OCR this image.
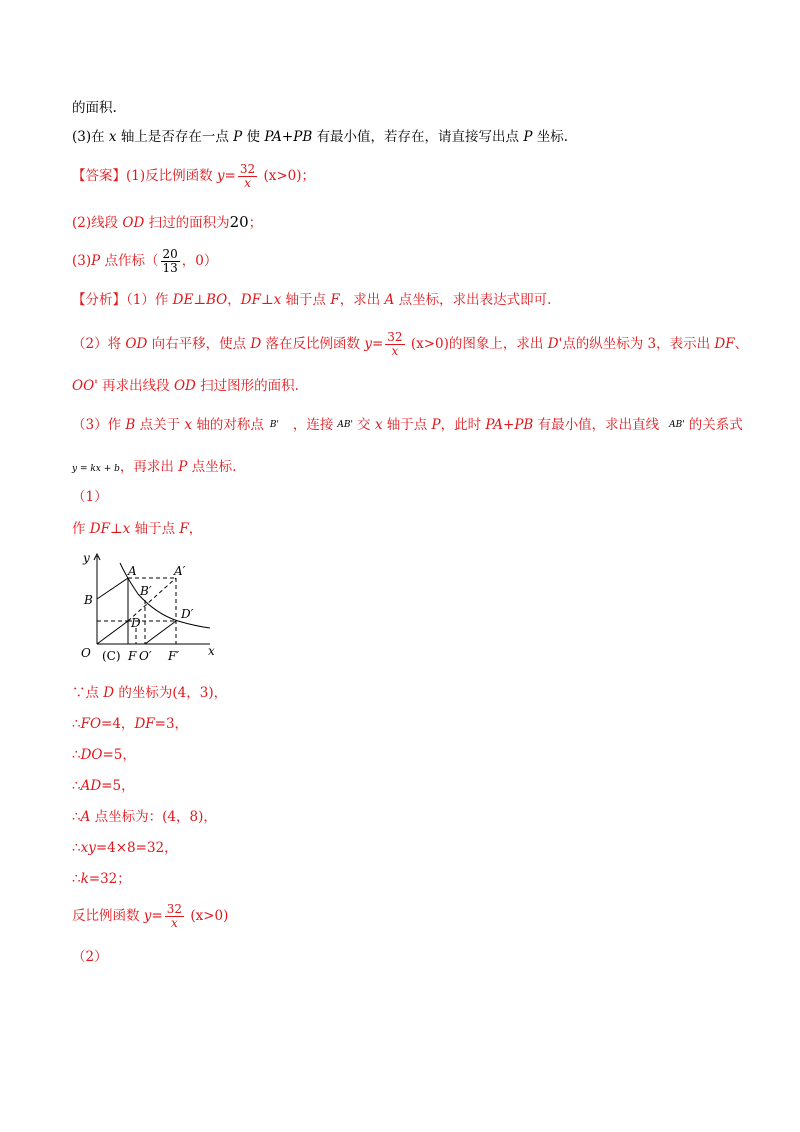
的面积.
(3)在 x 轴上是否存在一点 P 使 PA+PB 有最小值，若存在，请直接写出点 P 坐标.
【答案】(1)反比例函数 $y= \frac{32}{x} (x>0)$；
(2)线段 OD 扫过的面积为20；
(3)P 点作标（ $\frac{20}{13}$ ，0）
【分析】（1）作 DE⊥BO，DF⊥x 轴于点 F，求出 A 点坐标，求出表达式即可.
（2）将 OD 向右平移，使点 D 落在反比例函数 $y= \frac{32}{x} (x>0)$的图象上，求出 D'点的纵坐标为 3，表示出 DF、
OO' 再求出线段 OD 扫过图形的面积.
（3）作 B 点关于 x 轴的对称点 $^{B'}$ ，连接 $^{AB'}$ 交 x 轴于点 P，此时 PA+PB 有最小值，求出直线 $^{AB'}$ 的关系式
y = kx + b，再求出 P 点坐标.
（1）
作 DF⊥x 轴于点 F，
y
x
A	A′
B
B′
D
D′
O (C) F O′ F′
∵点 D 的坐标为(4，3)，
∴FO=4，DF=3，
∴DO=5，
∴AD=5，
∴A 点坐标为：(4，8)，
∴xy=4×8=32，
∴k=32；
反比例函数 $y= \frac{32}{x} (x>0)$
（2）
